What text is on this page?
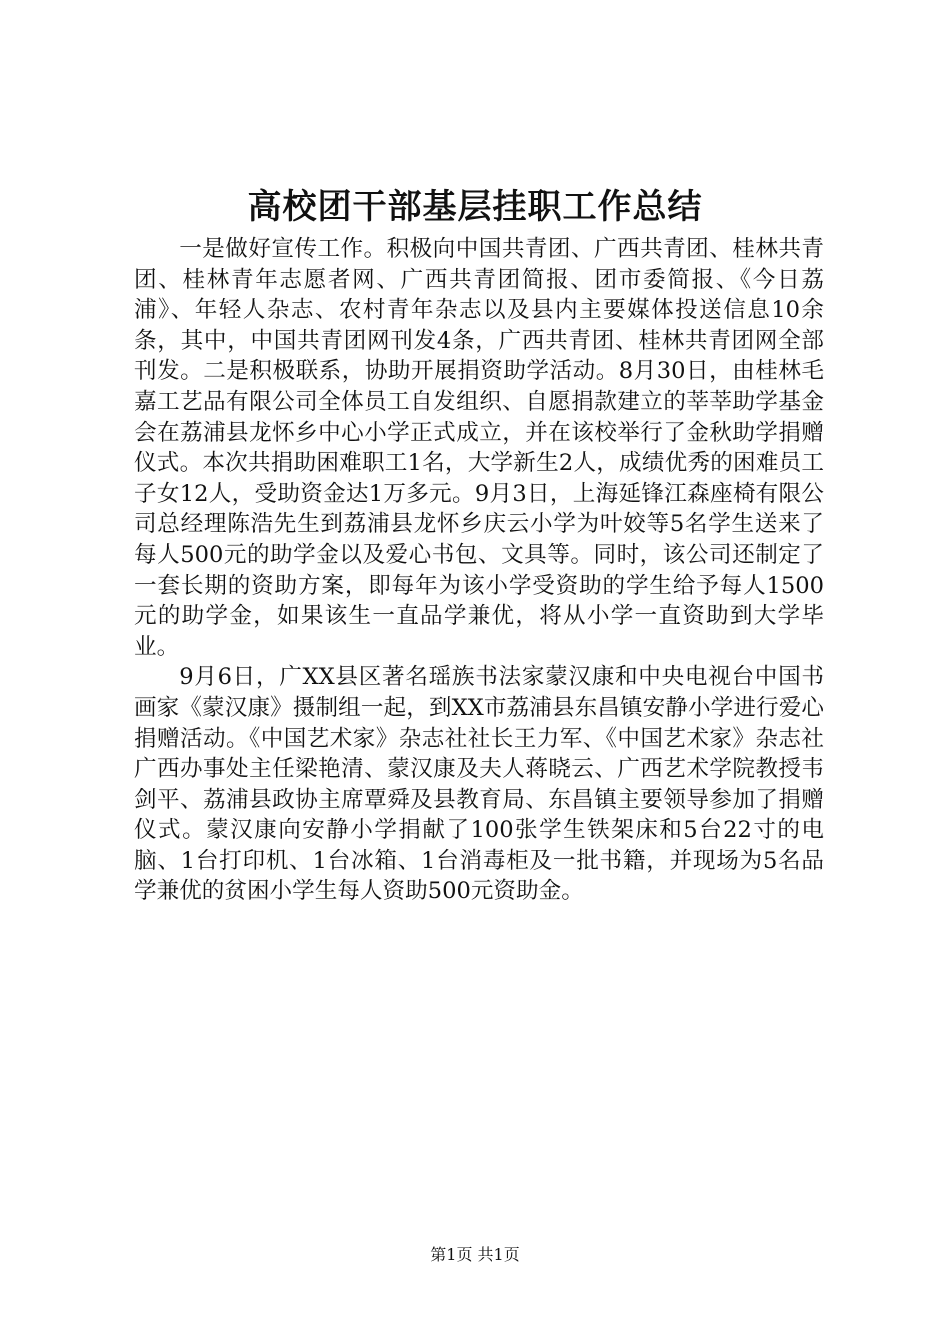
高校团干部基层挂职工作总结

一是做好宣传工作。积极向中国共青团、广西共青团、桂林共青团、桂林青年志愿者网、广西共青团简报、团市委简报、《今日荔浦》、年轻人杂志、农村青年杂志以及县内主要媒体投送信息10余条，其中，中国共青团网刊发4条，广西共青团、桂林共青团网全部刊发。二是积极联系，协助开展捐资助学活动。8月30日，由桂林毛嘉工艺品有限公司全体员工自发组织、自愿捐款建立的莘莘助学基金会在荔浦县龙怀乡中心小学正式成立，并在该校举行了金秋助学捐赠仪式。本次共捐助困难职工1名，大学新生2人，成绩优秀的困难员工子女12人，受助资金达1万多元。9月3日，上海延锋江森座椅有限公司总经理陈浩先生到荔浦县龙怀乡庆云小学为叶姣等5名学生送来了每人500元的助学金以及爱心书包、文具等。同时，该公司还制定了一套长期的资助方案，即每年为该小学受资助的学生给予每人1500元的助学金，如果该生一直品学兼优，将从小学一直资助到大学毕业。

9月6日，广XX县区著名瑶族书法家蒙汉康和中央电视台中国书画家《蒙汉康》摄制组一起，到XX市荔浦县东昌镇安静小学进行爱心捐赠活动。《中国艺术家》杂志社社长王力军、《中国艺术家》杂志社广西办事处主任梁艳清、蒙汉康及夫人蒋晓云、广西艺术学院教授韦剑平、荔浦县政协主席覃舜及县教育局、东昌镇主要领导参加了捐赠仪式。蒙汉康向安静小学捐献了100张学生铁架床和5台22寸的电脑、1台打印机、1台冰箱、1台消毒柜及一批书籍，并现场为5名品学兼优的贫困小学生每人资助500元资助金。

第1页 共1页
